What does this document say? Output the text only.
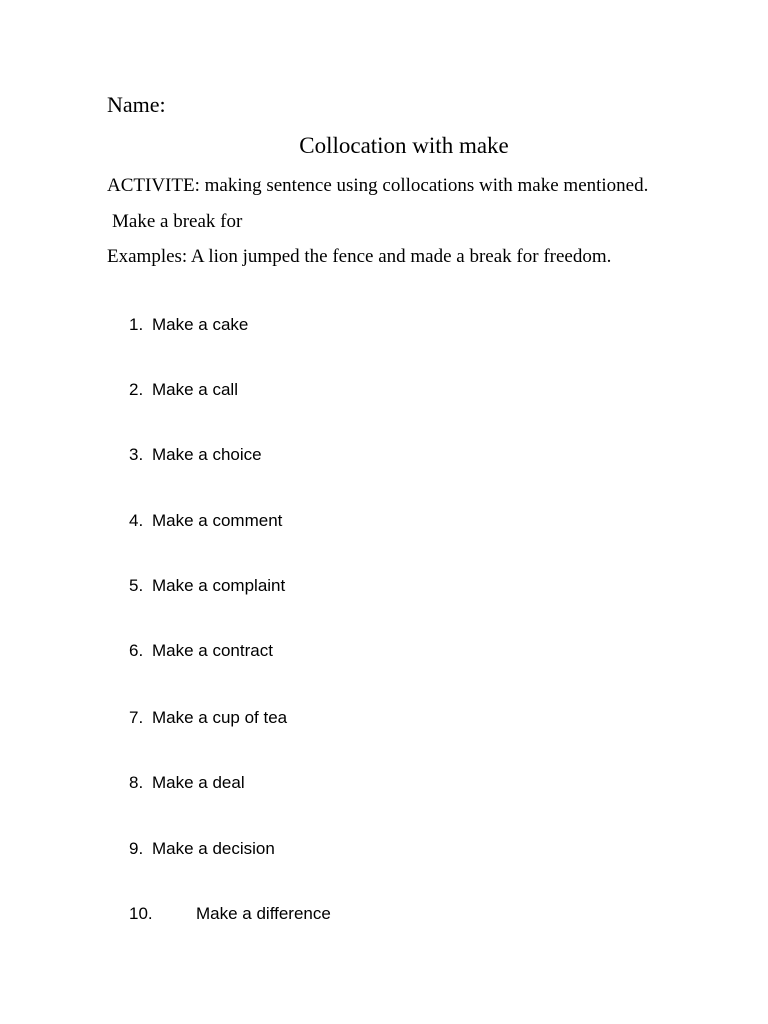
Name:
Collocation with make
ACTIVITE: making sentence using collocations with make mentioned.
Make a break for
Examples: A lion jumped the fence and made a break for freedom.
1. Make a cake
2. Make a call
3. Make a choice
4. Make a comment
5. Make a complaint
6. Make a contract
7. Make a cup of tea
8. Make a deal
9. Make a decision
10.	Make a difference
